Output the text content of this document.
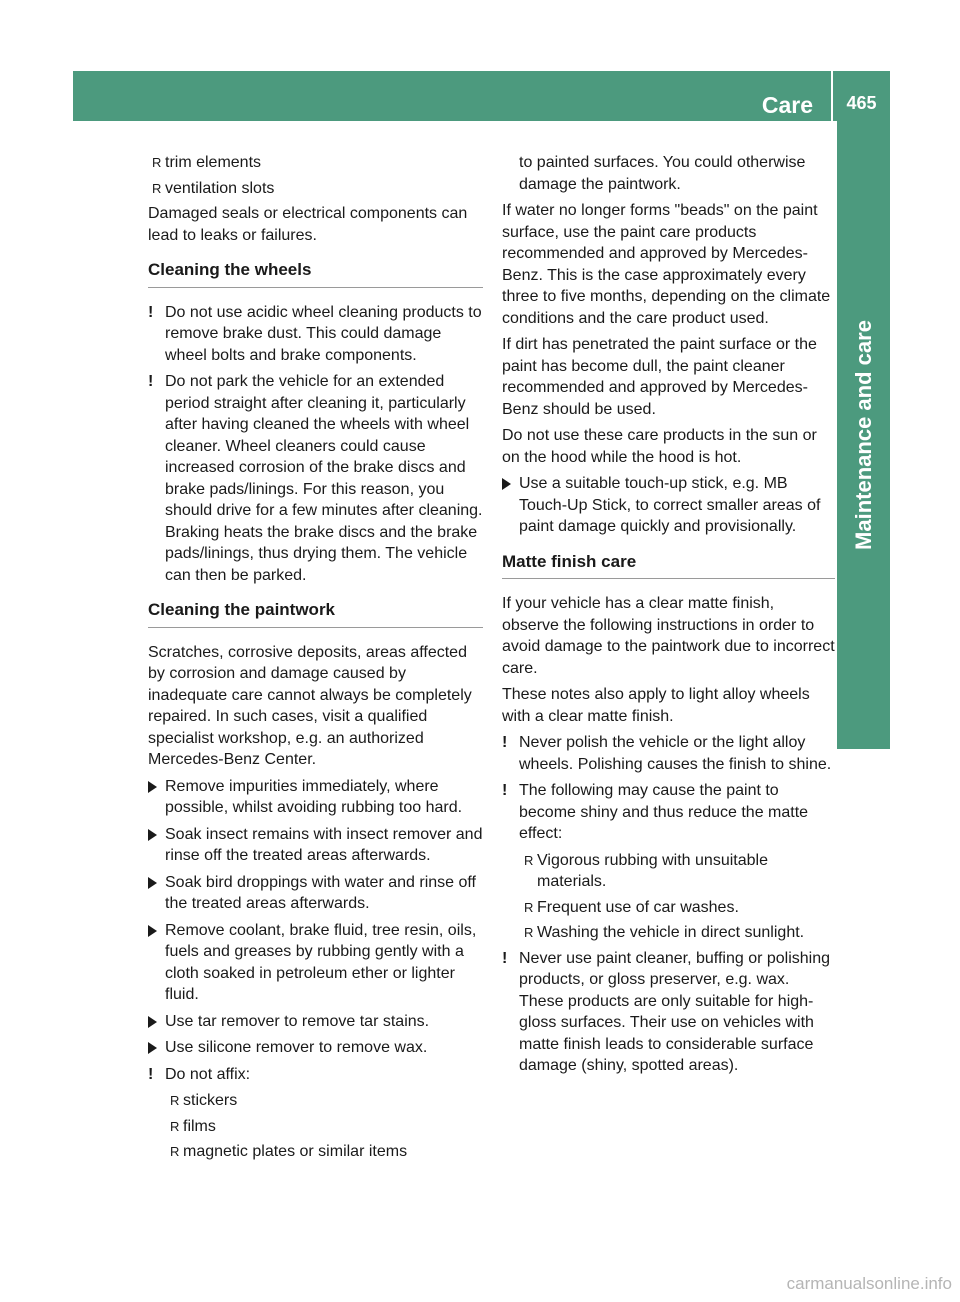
Care	465
Maintenance and care
R trim elements
R ventilation slots

Damaged seals or electrical components can lead to leaks or failures.

Cleaning the wheels
! Do not use acidic wheel cleaning products to remove brake dust. This could damage wheel bolts and brake components.
! Do not park the vehicle for an extended period straight after cleaning it, particularly after having cleaned the wheels with wheel cleaner. Wheel cleaners could cause increased corrosion of the brake discs and brake pads/linings. For this reason, you should drive for a few minutes after cleaning. Braking heats the brake discs and the brake pads/linings, thus drying them. The vehicle can then be parked.
Cleaning the paintwork

Scratches, corrosive deposits, areas affected by corrosion and damage caused by inadequate care cannot always be completely repaired. In such cases, visit a qualified specialist workshop, e.g. an authorized Mercedes-Benz Center.

Remove impurities immediately, where possible, whilst avoiding rubbing too hard.
Soak insect remains with insect remover and rinse off the treated areas afterwards.
Soak bird droppings with water and rinse off the treated areas afterwards.
Remove coolant, brake fluid, tree resin, oils, fuels and greases by rubbing gently with a cloth soaked in petroleum ether or lighter fluid.
Use tar remover to remove tar stains.
Use silicone remover to remove wax.
! Do not affix:
R stickers
R films
R magnetic plates or similar items
to painted surfaces. You could otherwise damage the paintwork.

If water no longer forms "beads" on the paint surface, use the paint care products recommended and approved by Mercedes-Benz. This is the case approximately every three to five months, depending on the climate conditions and the care product used.

If dirt has penetrated the paint surface or the paint has become dull, the paint cleaner recommended and approved by Mercedes-Benz should be used.

Do not use these care products in the sun or on the hood while the hood is hot.

Use a suitable touch-up stick, e.g. MB Touch-Up Stick, to correct smaller areas of paint damage quickly and provisionally.
Matte finish care

If your vehicle has a clear matte finish, observe the following instructions in order to avoid damage to the paintwork due to incorrect care.

These notes also apply to light alloy wheels with a clear matte finish.

! Never polish the vehicle or the light alloy wheels. Polishing causes the finish to shine.
! The following may cause the paint to become shiny and thus reduce the matte effect:
R Vigorous rubbing with unsuitable materials.
R Frequent use of car washes.
R Washing the vehicle in direct sunlight.
! Never use paint cleaner, buffing or polishing products, or gloss preserver, e.g. wax. These products are only suitable for high-gloss surfaces. Their use on vehicles with matte finish leads to considerable surface damage (shiny, spotted areas).
carmanualsonline.info
